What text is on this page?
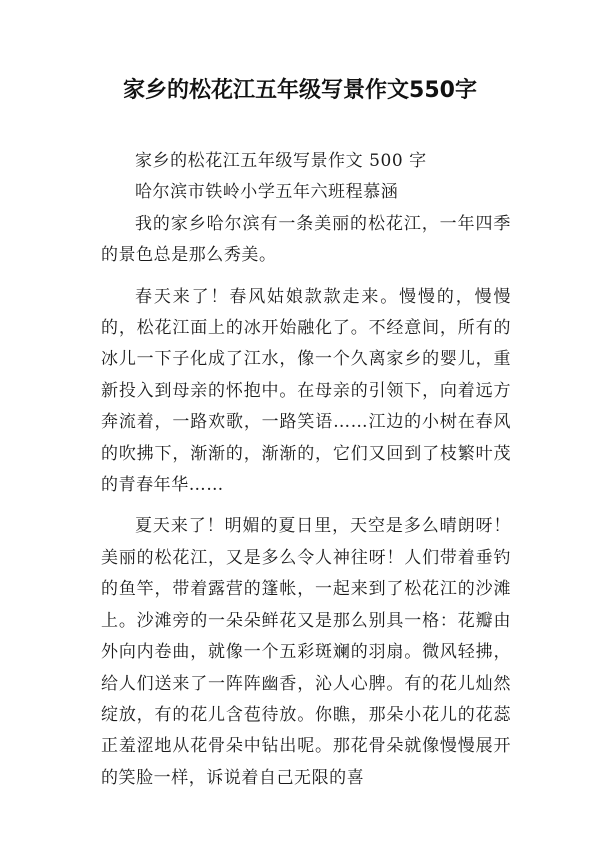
家乡的松花江五年级写景作文550字

家乡的松花江五年级写景作文 500 字

哈尔滨市铁岭小学五年六班程慕涵

我的家乡哈尔滨有一条美丽的松花江，一年四季的景色总是那么秀美。

春天来了！春风姑娘款款走来。慢慢的，慢慢的，松花江面上的冰开始融化了。不经意间，所有的冰儿一下子化成了江水，像一个久离家乡的婴儿，重新投入到母亲的怀抱中。在母亲的引领下，向着远方奔流着，一路欢歌，一路笑语……江边的小树在春风的吹拂下，渐渐的，渐渐的，它们又回到了枝繁叶茂的青春年华……

夏天来了！明媚的夏日里，天空是多么晴朗呀！美丽的松花江，又是多么令人神往呀！人们带着垂钓的鱼竿，带着露营的篷帐，一起来到了松花江的沙滩上。沙滩旁的一朵朵鲜花又是那么别具一格：花瓣由外向内卷曲，就像一个五彩斑斓的羽扇。微风轻拂，给人们送来了一阵阵幽香，沁人心脾。有的花儿灿然绽放，有的花儿含苞待放。你瞧，那朵小花儿的花蕊正羞涩地从花骨朵中钻出呢。那花骨朵就像慢慢展开的笑脸一样，诉说着自己无限的喜
